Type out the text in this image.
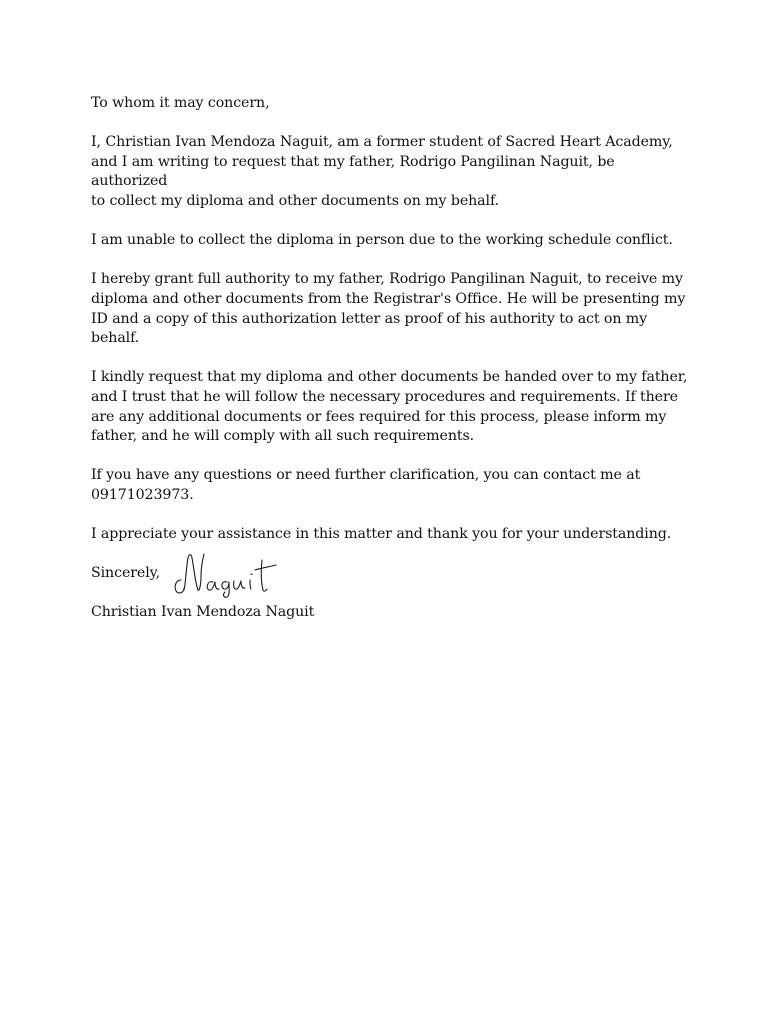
To whom it may concern,

I, Christian Ivan Mendoza Naguit, am a former student of Sacred Heart Academy,
and I am writing to request that my father, Rodrigo Pangilinan Naguit, be authorized
to collect my diploma and other documents on my behalf.

I am unable to collect the diploma in person due to the working schedule conflict.

I hereby grant full authority to my father, Rodrigo Pangilinan Naguit, to receive my
diploma and other documents from the Registrar's Office. He will be presenting my
ID and a copy of this authorization letter as proof of his authority to act on my
behalf.

I kindly request that my diploma and other documents be handed over to my father,
and I trust that he will follow the necessary procedures and requirements. If there
are any additional documents or fees required for this process, please inform my
father, and he will comply with all such requirements.

If you have any questions or need further clarification, you can contact me at
09171023973.

I appreciate your assistance in this matter and thank you for your understanding.

Sincerely,

Christian Ivan Mendoza Naguit
